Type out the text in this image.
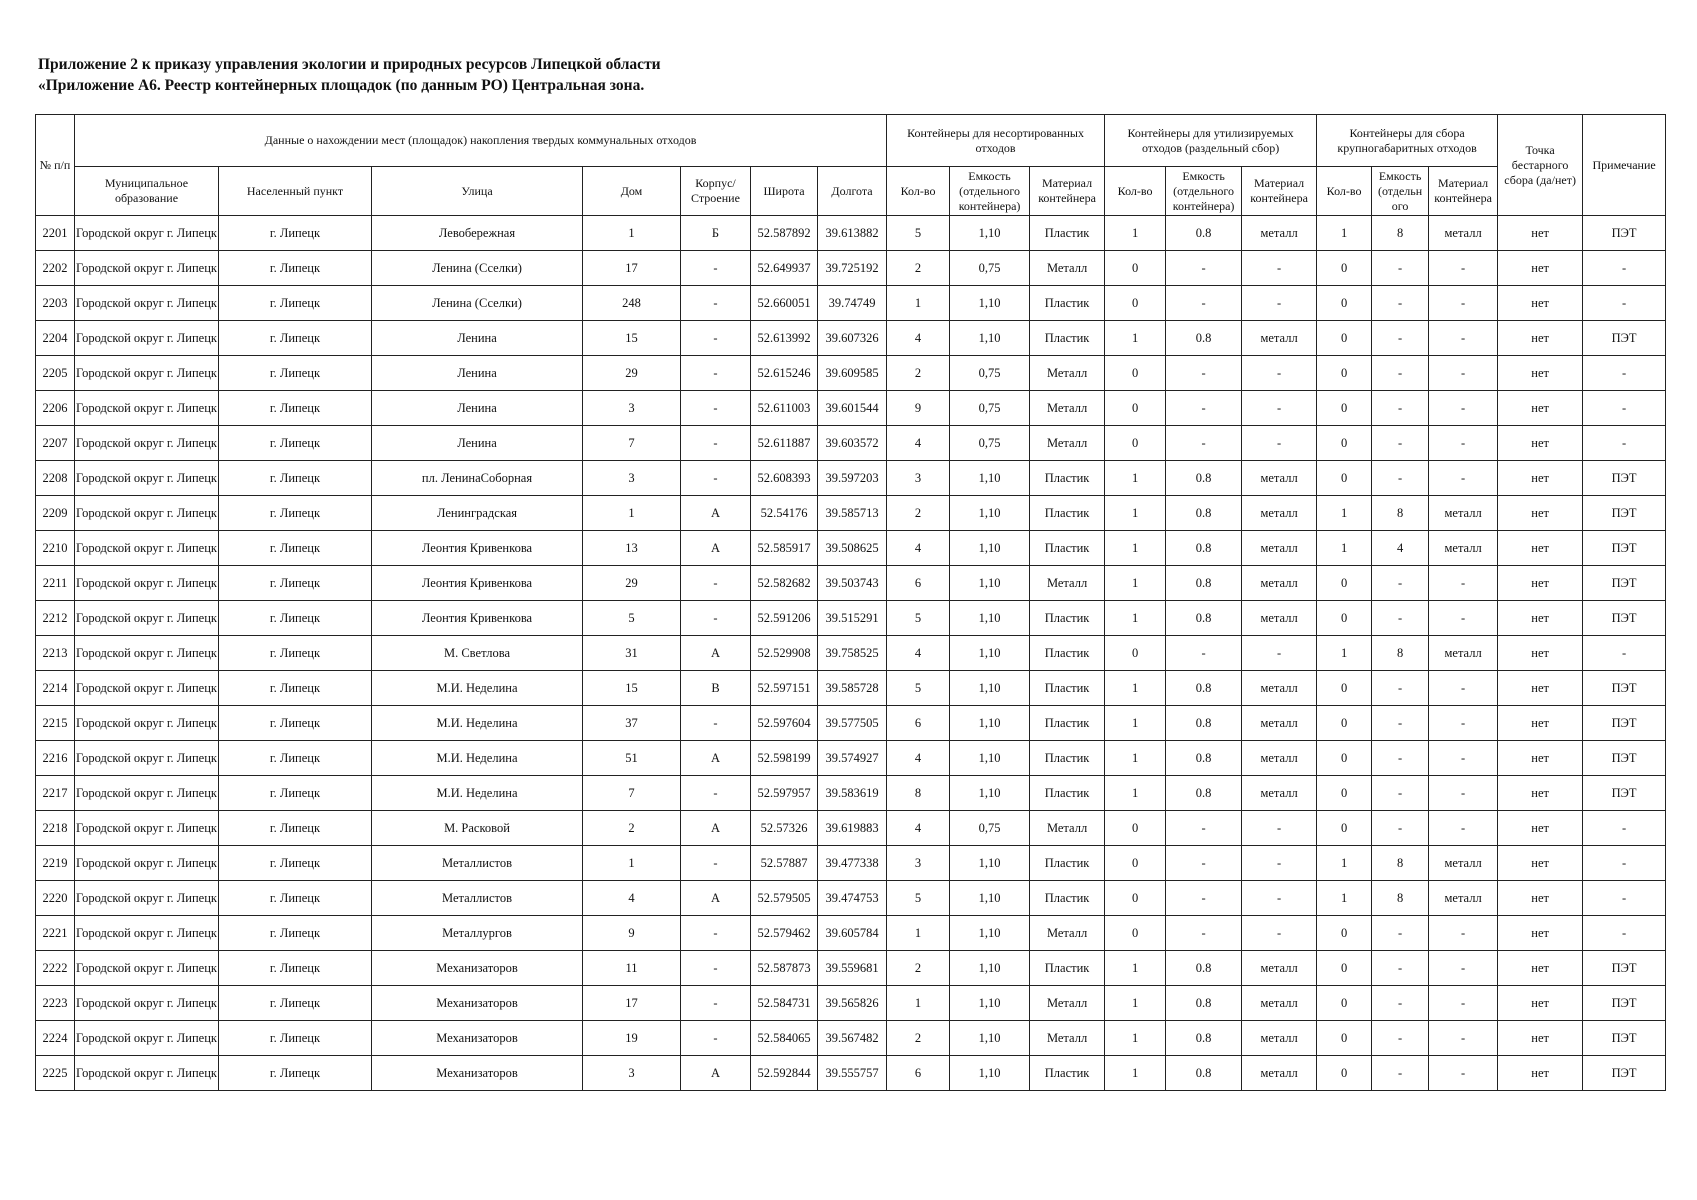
Приложение 2 к приказу управления экологии и природных ресурсов Липецкой области
«Приложение А6. Реестр контейнерных площадок (по данным РО) Центральная зона.
№ п/п	Данные о нахождении мест (площадок) накопления твердых коммунальных отходов							Контейнеры для несортированных отходов			Контейнеры для утилизируемых отходов (раздельный сбор)			Контейнеры для сбора крупногабаритных отходов			Точка бестарного сбора (да/нет)	Примечание
	Муниципальное образование	Населенный пункт	Улица	Дом	Корпус/ Строение	Широта	Долгота	Кол-во	Емкость (отдельного контейнера)	Материал контейнера	Кол-во	Емкость (отдельного контейнера)	Материал контейнера	Кол-во	Емкость (отдельн ого	Материал контейнера		
2201	Городской округ г. Липецк	г. Липецк	Левобережная	1	Б	52.587892	39.613882	5	1,10	Пластик	1	0.8	металл	1	8	металл	нет	ПЭТ
2202	Городской округ г. Липецк	г. Липецк	Ленина (Сселки)	17	-	52.649937	39.725192	2	0,75	Металл	0	-	-	0	-	-	нет	-
2203	Городской округ г. Липецк	г. Липецк	Ленина (Сселки)	248	-	52.660051	39.74749	1	1,10	Пластик	0	-	-	0	-	-	нет	-
2204	Городской округ г. Липецк	г. Липецк	Ленина	15	-	52.613992	39.607326	4	1,10	Пластик	1	0.8	металл	0	-	-	нет	ПЭТ
2205	Городской округ г. Липецк	г. Липецк	Ленина	29	-	52.615246	39.609585	2	0,75	Металл	0	-	-	0	-	-	нет	-
2206	Городской округ г. Липецк	г. Липецк	Ленина	3	-	52.611003	39.601544	9	0,75	Металл	0	-	-	0	-	-	нет	-
2207	Городской округ г. Липецк	г. Липецк	Ленина	7	-	52.611887	39.603572	4	0,75	Металл	0	-	-	0	-	-	нет	-
2208	Городской округ г. Липецк	г. Липецк	пл. ЛенинаСоборная	3	-	52.608393	39.597203	3	1,10	Пластик	1	0.8	металл	0	-	-	нет	ПЭТ
2209	Городской округ г. Липецк	г. Липецк	Ленинградская	1	А	52.54176	39.585713	2	1,10	Пластик	1	0.8	металл	1	8	металл	нет	ПЭТ
2210	Городской округ г. Липецк	г. Липецк	Леонтия Кривенкова	13	А	52.585917	39.508625	4	1,10	Пластик	1	0.8	металл	1	4	металл	нет	ПЭТ
2211	Городской округ г. Липецк	г. Липецк	Леонтия Кривенкова	29	-	52.582682	39.503743	6	1,10	Металл	1	0.8	металл	0	-	-	нет	ПЭТ
2212	Городской округ г. Липецк	г. Липецк	Леонтия Кривенкова	5	-	52.591206	39.515291	5	1,10	Пластик	1	0.8	металл	0	-	-	нет	ПЭТ
2213	Городской округ г. Липецк	г. Липецк	М. Светлова	31	А	52.529908	39.758525	4	1,10	Пластик	0	-	-	1	8	металл	нет	-
2214	Городской округ г. Липецк	г. Липецк	М.И. Неделина	15	В	52.597151	39.585728	5	1,10	Пластик	1	0.8	металл	0	-	-	нет	ПЭТ
2215	Городской округ г. Липецк	г. Липецк	М.И. Неделина	37	-	52.597604	39.577505	6	1,10	Пластик	1	0.8	металл	0	-	-	нет	ПЭТ
2216	Городской округ г. Липецк	г. Липецк	М.И. Неделина	51	А	52.598199	39.574927	4	1,10	Пластик	1	0.8	металл	0	-	-	нет	ПЭТ
2217	Городской округ г. Липецк	г. Липецк	М.И. Неделина	7	-	52.597957	39.583619	8	1,10	Пластик	1	0.8	металл	0	-	-	нет	ПЭТ
2218	Городской округ г. Липецк	г. Липецк	М. Расковой	2	А	52.57326	39.619883	4	0,75	Металл	0	-	-	0	-	-	нет	-
2219	Городской округ г. Липецк	г. Липецк	Металлистов	1	-	52.57887	39.477338	3	1,10	Пластик	0	-	-	1	8	металл	нет	-
2220	Городской округ г. Липецк	г. Липецк	Металлистов	4	А	52.579505	39.474753	5	1,10	Пластик	0	-	-	1	8	металл	нет	-
2221	Городской округ г. Липецк	г. Липецк	Металлургов	9	-	52.579462	39.605784	1	1,10	Металл	0	-	-	0	-	-	нет	-
2222	Городской округ г. Липецк	г. Липецк	Механизаторов	11	-	52.587873	39.559681	2	1,10	Пластик	1	0.8	металл	0	-	-	нет	ПЭТ
2223	Городской округ г. Липецк	г. Липецк	Механизаторов	17	-	52.584731	39.565826	1	1,10	Металл	1	0.8	металл	0	-	-	нет	ПЭТ
2224	Городской округ г. Липецк	г. Липецк	Механизаторов	19	-	52.584065	39.567482	2	1,10	Металл	1	0.8	металл	0	-	-	нет	ПЭТ
2225	Городской округ г. Липецк	г. Липецк	Механизаторов	3	А	52.592844	39.555757	6	1,10	Пластик	1	0.8	металл	0	-	-	нет	ПЭТ
